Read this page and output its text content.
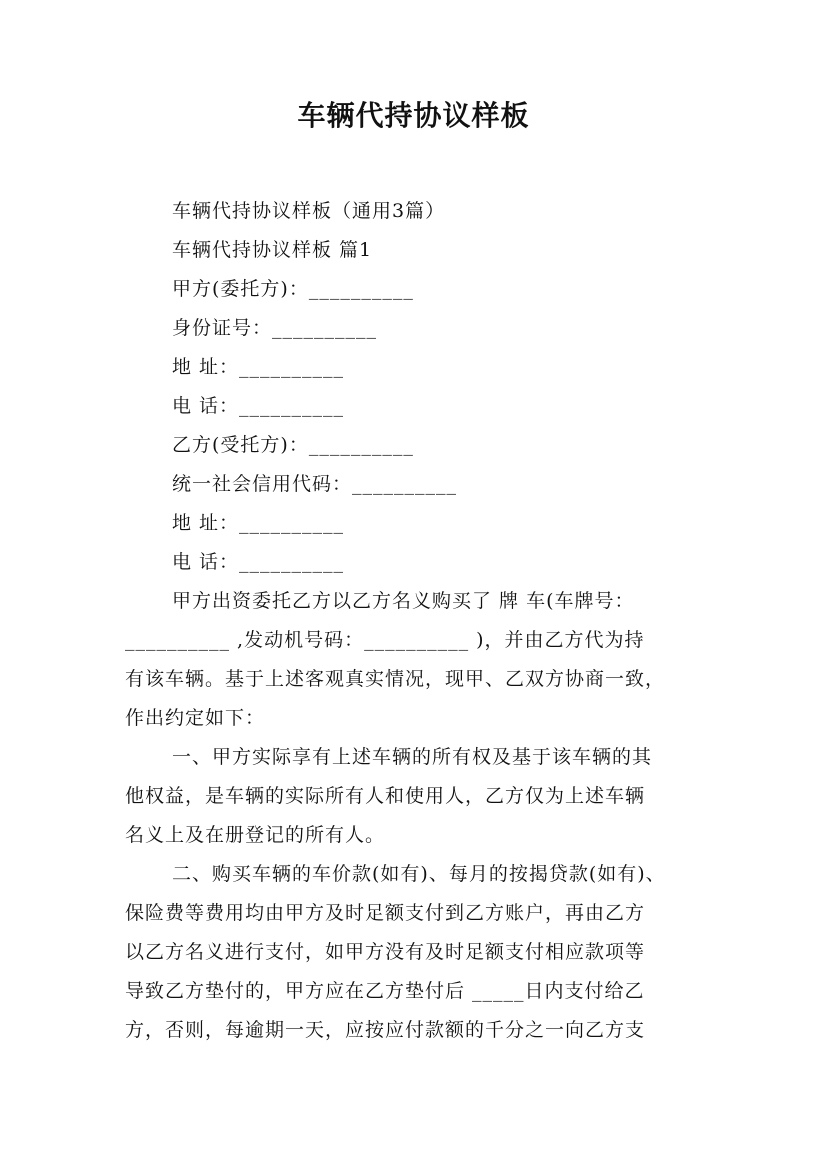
车辆代持协议样板
车辆代持协议样板（通用3篇）
车辆代持协议样板 篇1
甲方(委托方)：__________
身份证号：__________
地 址：__________
电 话：__________
乙方(受托方)：__________
统一社会信用代码：__________
地 址：__________
电 话：__________
甲方出资委托乙方以乙方名义购买了 牌 车(车牌号：
__________ ,发动机号码：__________ )，并由乙方代为持
有该车辆。基于上述客观真实情况，现甲、乙双方协商一致，
作出约定如下：
一、甲方实际享有上述车辆的所有权及基于该车辆的其
他权益，是车辆的实际所有人和使用人，乙方仅为上述车辆
名义上及在册登记的所有人。
二、购买车辆的车价款(如有)、每月的按揭贷款(如有)、
保险费等费用均由甲方及时足额支付到乙方账户，再由乙方
以乙方名义进行支付，如甲方没有及时足额支付相应款项等
导致乙方垫付的，甲方应在乙方垫付后 _____日内支付给乙
方，否则，每逾期一天，应按应付款额的千分之一向乙方支
